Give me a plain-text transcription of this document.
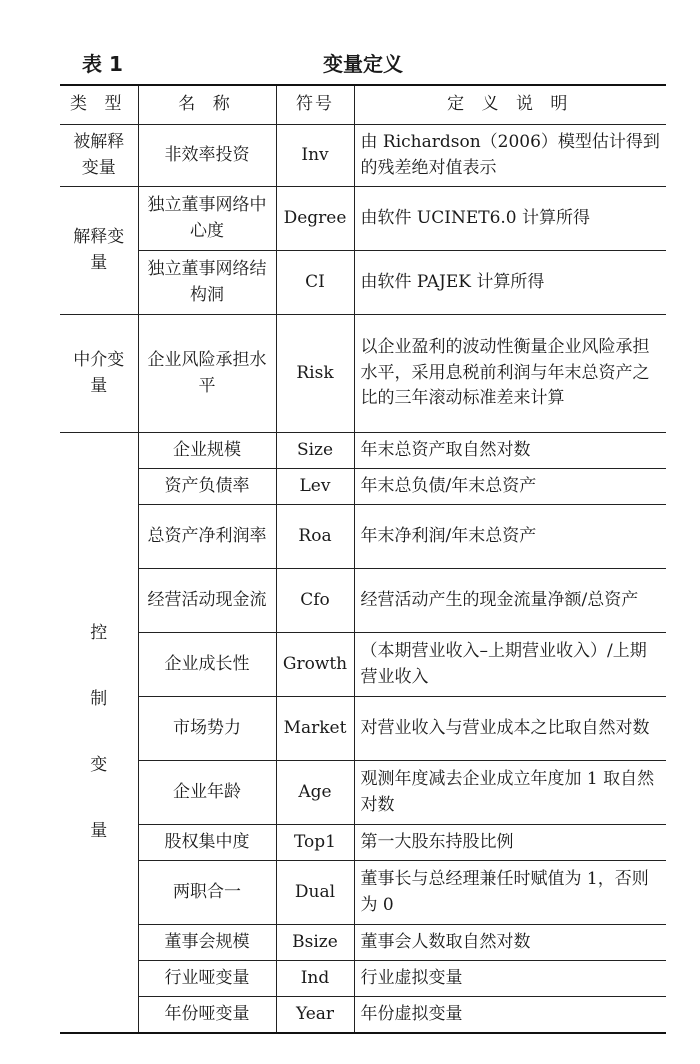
表 1	变量定义
类 型	名 称	符号	定 义 说 明
被解释变量	非效率投资	Inv	由 Richardson（2006）模型估计得到的残差绝对值表示
解释变量	独立董事网络中心度	Degree	由软件 UCINET6.0 计算所得
	独立董事网络结构洞	CI	由软件 PAJEK 计算所得
中介变量	企业风险承担水平	Risk	以企业盈利的波动性衡量企业风险承担水平，采用息税前利润与年末总资产之比的三年滚动标准差来计算
控制变量	企业规模	Size	年末总资产取自然对数
	资产负债率	Lev	年末总负债/年末总资产
	总资产净利润率	Roa	年末净利润/年末总资产
	经营活动现金流	Cfo	经营活动产生的现金流量净额/总资产
	企业成长性	Growth	（本期营业收入–上期营业收入）/上期营业收入
	市场势力	Market	对营业收入与营业成本之比取自然对数
	企业年龄	Age	观测年度减去企业成立年度加 1 取自然对数
	股权集中度	Top1	第一大股东持股比例
	两职合一	Dual	董事长与总经理兼任时赋值为 1，否则为 0
	董事会规模	Bsize	董事会人数取自然对数
	行业哑变量	Ind	行业虚拟变量
	年份哑变量	Year	年份虚拟变量
